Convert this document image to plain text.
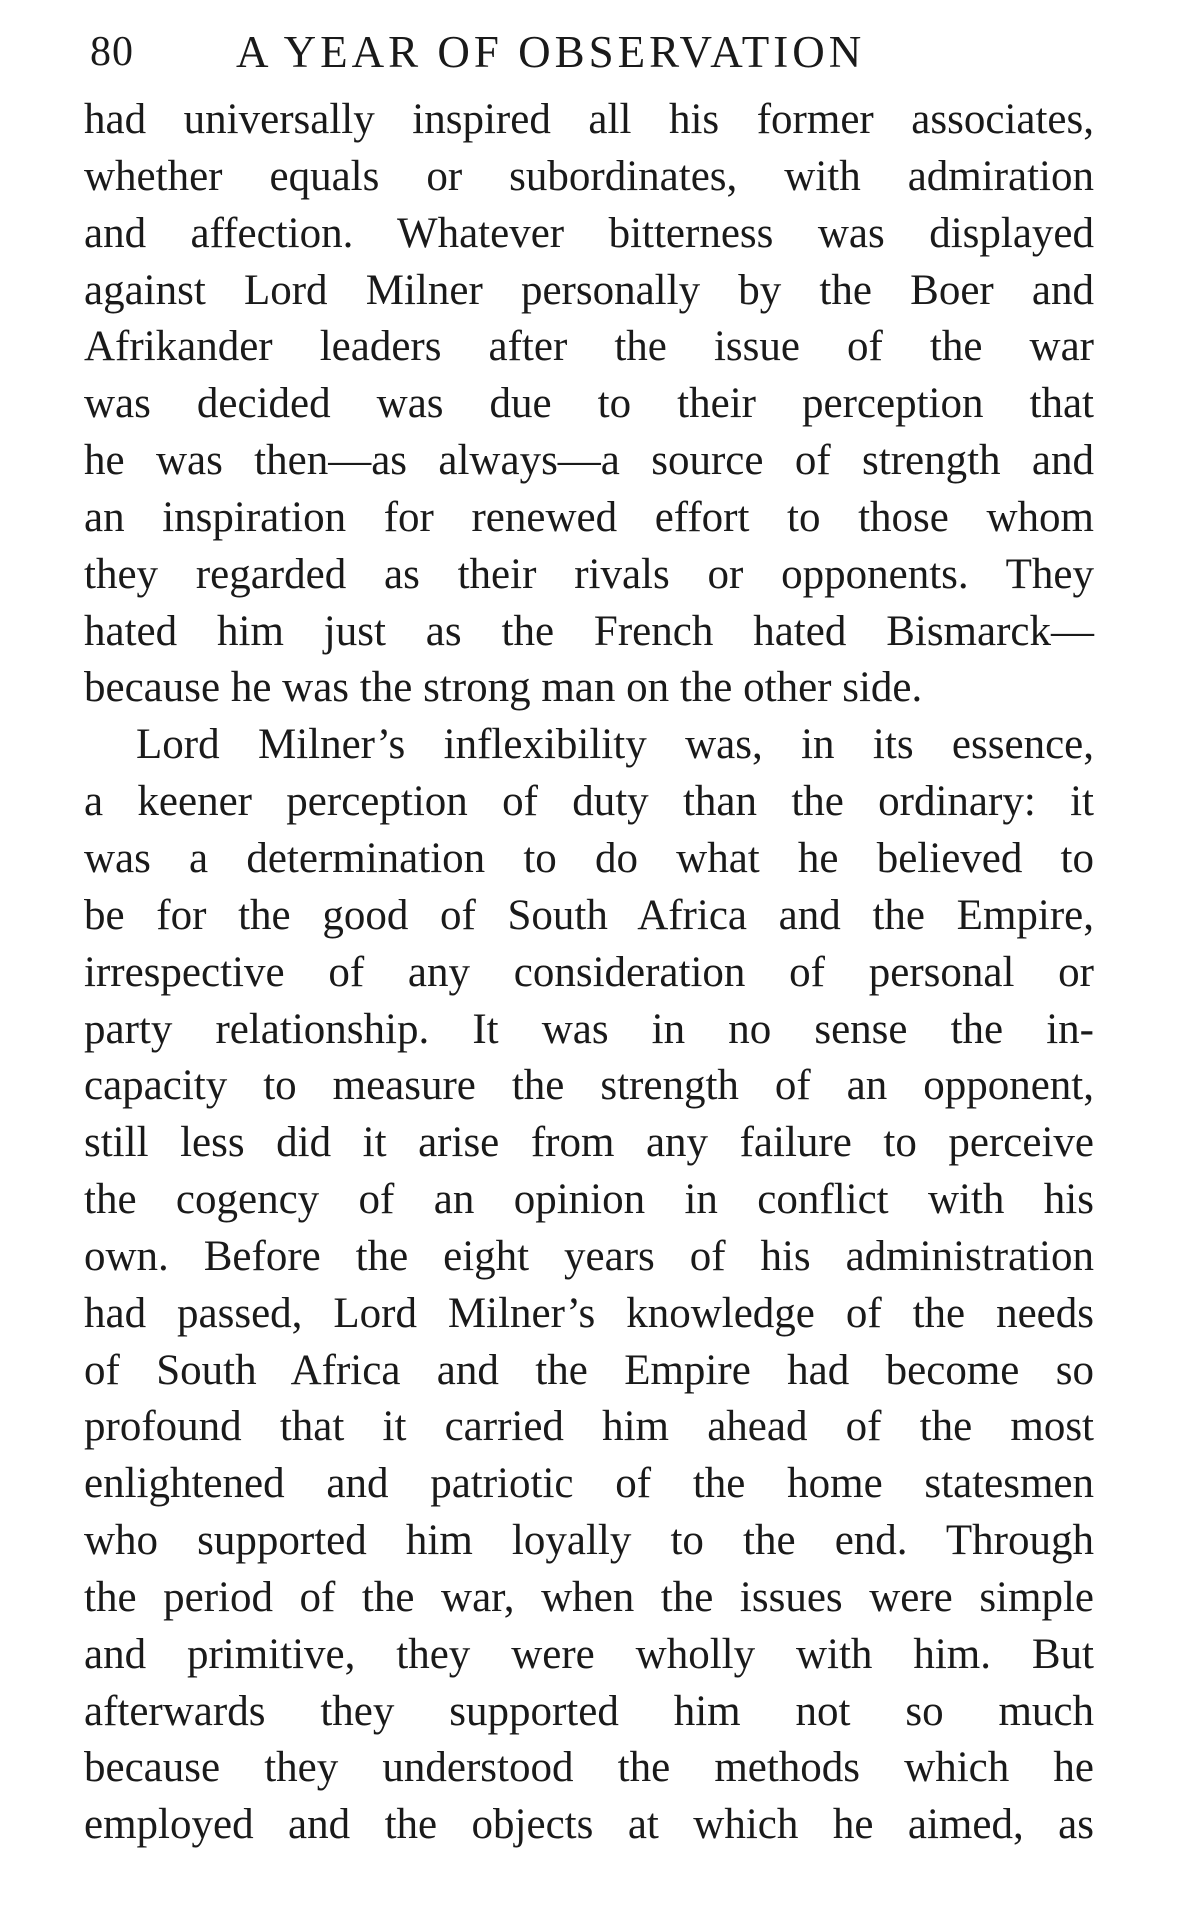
80 A YEAR OF OBSERVATION
had universally inspired all his former associates,
whether equals or subordinates, with admiration
and affection. Whatever bitterness was displayed
against Lord Milner personally by the Boer and
Afrikander leaders after the issue of the war
was decided was due to their perception that
he was then—as always—a source of strength and
an inspiration for renewed effort to those whom
they regarded as their rivals or opponents. They
hated him just as the French hated Bismarck—
because he was the strong man on the other side.
Lord Milner’s inflexibility was, in its essence,
a keener perception of duty than the ordinary: it
was a determination to do what he believed to
be for the good of South Africa and the Empire,
irrespective of any consideration of personal or
party relationship. It was in no sense the in-
capacity to measure the strength of an opponent,
still less did it arise from any failure to perceive
the cogency of an opinion in conflict with his
own. Before the eight years of his administration
had passed, Lord Milner’s knowledge of the needs
of South Africa and the Empire had become so
profound that it carried him ahead of the most
enlightened and patriotic of the home statesmen
who supported him loyally to the end. Through
the period of the war, when the issues were simple
and primitive, they were wholly with him. But
afterwards they supported him not so much
because they understood the methods which he
employed and the objects at which he aimed, as
